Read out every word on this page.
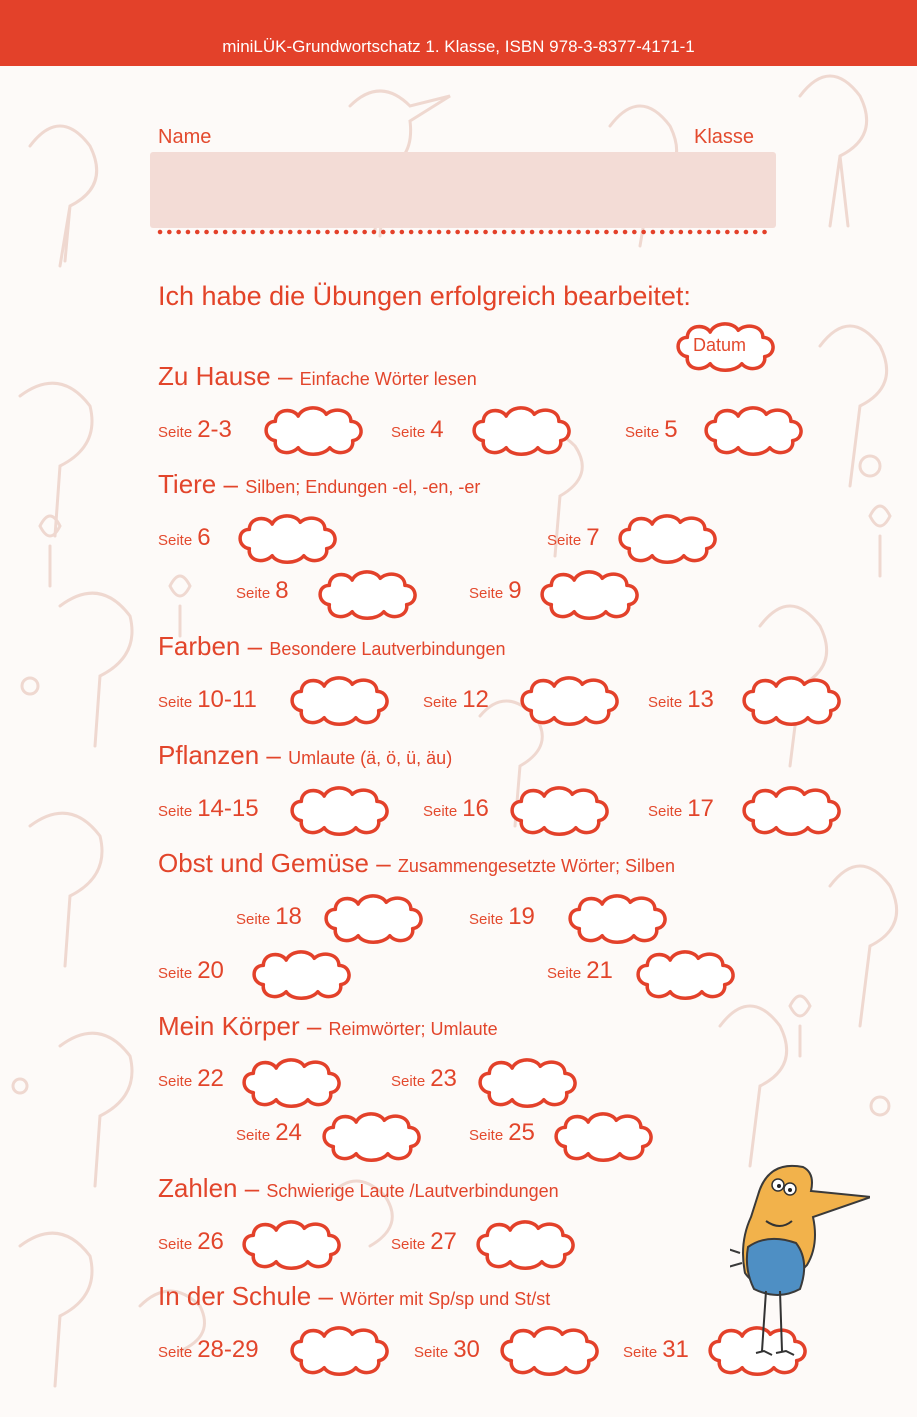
miniLÜK-Grundwortschatz 1. Klasse, ISBN 978-3-8377-4171-1
Name	Klasse
Ich habe die Übungen erfolgreich bearbeitet:
Datum
Zu Hause – Einfache Wörter lesen
Tiere – Silben; Endungen -el, -en, -er
Farben – Besondere Lautverbindungen
Pflanzen – Umlaute (ä, ö, ü, äu)
Obst und Gemüse – Zusammengesetzte Wörter; Silben
Mein Körper – Reimwörter; Umlaute
Zahlen – Schwierige Laute /Lautverbindungen
In der Schule – Wörter mit Sp/sp und St/st
Seite 2-3	Seite 4	Seite 5
Seite 6	Seite 7
Seite 8	Seite 9
Seite 10-11	Seite 12	Seite 13
Seite 14-15	Seite 16	Seite 17
Seite 18	Seite 19
Seite 20	Seite 21
Seite 22	Seite 23
Seite 24	Seite 25
Seite 26	Seite 27
Seite 28-29	Seite 30	Seite 31
